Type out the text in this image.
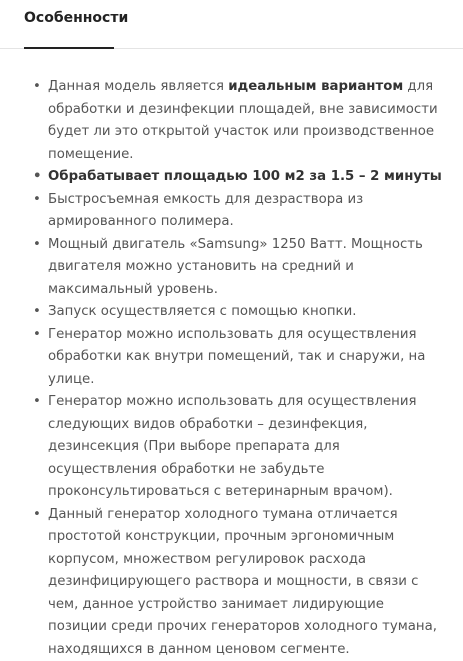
Особенности
• Данная модель является идеальным вариантом для обработки и дезинфекции площадей, вне зависимости будет ли это открытой участок или производственное помещение.
• Обрабатывает площадью 100 м2 за 1.5 – 2 минуты
• Быстросъемная емкость для дезраствора из армированного полимера.
• Мощный двигатель «Samsung» 1250 Ватт. Мощность двигателя можно установить на средний и максимальный уровень.
• Запуск осуществляется с помощью кнопки.
• Генератор можно использовать для осуществления обработки как внутри помещений, так и снаружи, на улице.
• Генератор можно использовать для осуществления следующих видов обработки – дезинфекция, дезинсекция (При выборе препарата для осуществления обработки не забудьте проконсультироваться с ветеринарным врачом).
• Данный генератор холодного тумана отличается простотой конструкции, прочным эргономичным корпусом, множеством регулировок расхода дезинфицирующего раствора и мощности, в связи с чем, данное устройство занимает лидирующие позиции среди прочих генераторов холодного тумана, находящихся в данном ценовом сегменте.
